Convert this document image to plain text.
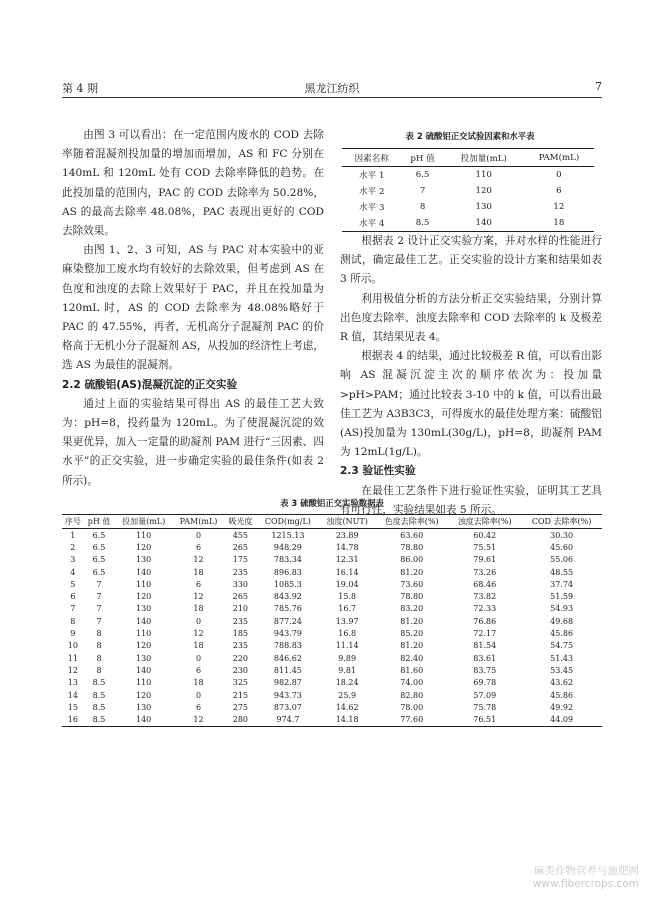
第 4 期	黑龙江纺织	7

由图 3 可以看出：在一定范围内废水的 COD 去除率随着混凝剂投加量的增加而增加，AS 和 FC 分别在 140mL 和 120mL 处有 COD 去除率降低的趋势。在此投加量的范围内，PAC 的 COD 去除率为 50.28%，AS 的最高去除率 48.08%，PAC 表现出更好的 COD 去除效果。

由图 1、2、3 可知，AS 与 PAC 对本实验中的亚麻染整加工废水均有较好的去除效果，但考虑到 AS 在色度和浊度的去除上效果好于 PAC，并且在投加量为 120mL 时，AS 的 COD 去除率为 48.08%略好于 PAC 的 47.55%，再者，无机高分子混凝剂 PAC 的价格高于无机小分子混凝剂 AS，从投加的经济性上考虑，选 AS 为最佳的混凝剂。

2.2 硫酸铝(AS)混凝沉淀的正交实验

通过上面的实验结果可得出 AS 的最佳工艺大致为：pH=8，投药量为 120mL。为了使混凝沉淀的效果更优异，加入一定量的助凝剂 PAM 进行“三因素、四水平”的正交实验，进一步确定实验的最佳条件(如表 2 所示)。

表 2 硫酸铝正交试验因素和水平表
因素名称	pH 值	投加量(mL)	PAM(mL)
水平 1	6.5	110	0
水平 2	7	120	6
水平 3	8	130	12
水平 4	8.5	140	18

根据表 2 设计正交实验方案，并对水样的性能进行测试，确定最佳工艺。正交实验的设计方案和结果如表 3 所示。

利用极值分析的方法分析正交实验结果，分别计算出色度去除率、浊度去除率和 COD 去除率的 k 及极差 R 值，其结果见表 4。

根据表 4 的结果，通过比较极差 R 值，可以看出影响 AS 混凝沉淀主次的顺序依次为：投加量>pH>PAM；通过比较表 3-10 中的 k 值，可以看出最佳工艺为 A3B3C3，可得废水的最佳处理方案：硫酸铝(AS)投加量为 130mL(30g/L)，pH=8，助凝剂 PAM 为 12mL(1g/L)。

2.3 验证性实验

在最佳工艺条件下进行验证性实验，证明其工艺具有可行性，实验结果如表 5 所示。

表 3 硫酸铝正交实验数据表
序号	pH 值	投加量(mL)	PAM(mL)	吸光度	COD(mg/L)	浊度(NUT)	色度去除率(%)	浊度去除率(%)	COD 去除率(%)
1	6.5	110	0	455	1215.13	23.89	63.60	60.42	30.30
2	6.5	120	6	265	948.29	14.78	78.80	75.51	45.60
3	6.5	130	12	175	783.34	12.31	86.00	79.61	55.06
4	6.5	140	18	235	896.83	16.14	81.20	73.26	48.55
5	7	110	6	330	1085.3	19.04	73.60	68.46	37.74
6	7	120	12	265	843.92	15.8	78.80	73.82	51.59
7	7	130	18	210	785.76	16.7	83.20	72.33	54.93
8	7	140	0	235	877.24	13.97	81.20	76.86	49.68
9	8	110	12	185	943.79	16.8	85.20	72.17	45.86
10	8	120	18	235	788.83	11.14	81.20	81.54	54.75
11	8	130	0	220	846.62	9.89	82.40	83.61	51.43
12	8	140	6	230	811.45	9.81	81.60	83.75	53.45
13	8.5	110	18	325	982.87	18.24	74.00	69.78	43.62
14	8.5	120	0	215	943.73	25.9	82.80	57.09	45.86
15	8.5	130	6	275	873.07	14.62	78.00	75.78	49.92
16	8.5	140	12	280	974.7	14.18	77.60	76.51	44.09
麻类作物营养与施肥网
www.fibercrops.com
